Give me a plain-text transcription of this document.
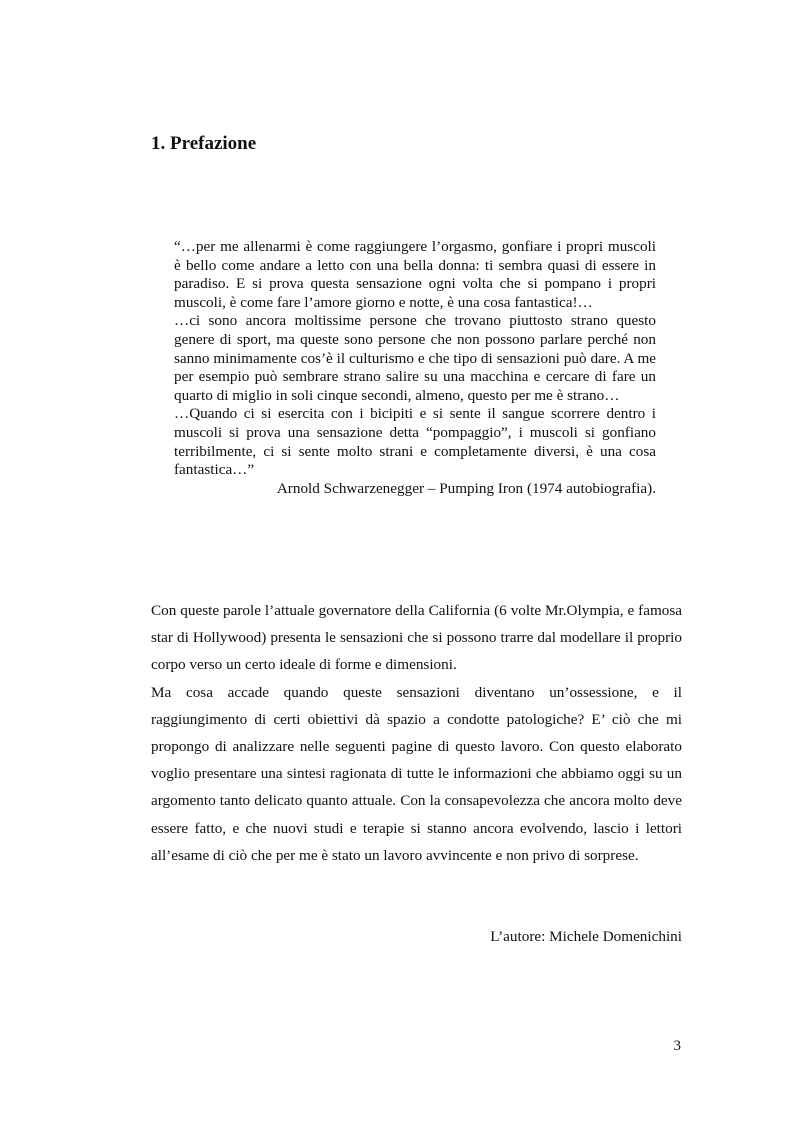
1. Prefazione

“…per me allenarmi è come raggiungere l’orgasmo, gonfiare i propri muscoli è bello come andare a letto con una bella donna: ti sembra quasi di essere in paradiso. E si prova questa sensazione ogni volta che si pompano i propri muscoli, è come fare l’amore giorno e notte, è una cosa fantastica!…

…ci sono ancora moltissime persone che trovano piuttosto strano questo genere di sport, ma queste sono persone che non possono parlare perché non sanno minimamente cos’è il culturismo e che tipo di sensazioni può dare. A me per esempio può sembrare strano salire su una macchina e cercare di fare un quarto di miglio in soli cinque secondi, almeno, questo per me è strano…

…Quando ci si esercita con i bicipiti e si sente il sangue scorrere dentro i muscoli si prova una sensazione detta “pompaggio”, i muscoli si gonfiano terribilmente, ci si sente molto strani e completamente diversi, è una cosa fantastica…”

Arnold Schwarzenegger – Pumping Iron (1974 autobiografia).

Con queste parole l’attuale governatore della California (6 volte Mr.Olympia, e famosa star di Hollywood) presenta le sensazioni che si possono trarre dal modellare il proprio corpo verso un certo ideale di forme e dimensioni.

Ma cosa accade quando queste sensazioni diventano un’ossessione, e il raggiungimento di certi obiettivi dà spazio a condotte patologiche? E’ ciò che mi propongo di analizzare nelle seguenti pagine di questo lavoro. Con questo elaborato voglio presentare una sintesi ragionata di tutte le informazioni che abbiamo oggi su un argomento tanto delicato quanto attuale. Con la consapevolezza che ancora molto deve essere fatto, e che nuovi studi e terapie si stanno ancora evolvendo, lascio i lettori all’esame di ciò che per me è stato un lavoro avvincente e non privo di sorprese.

L’autore: Michele Domenichini

3
